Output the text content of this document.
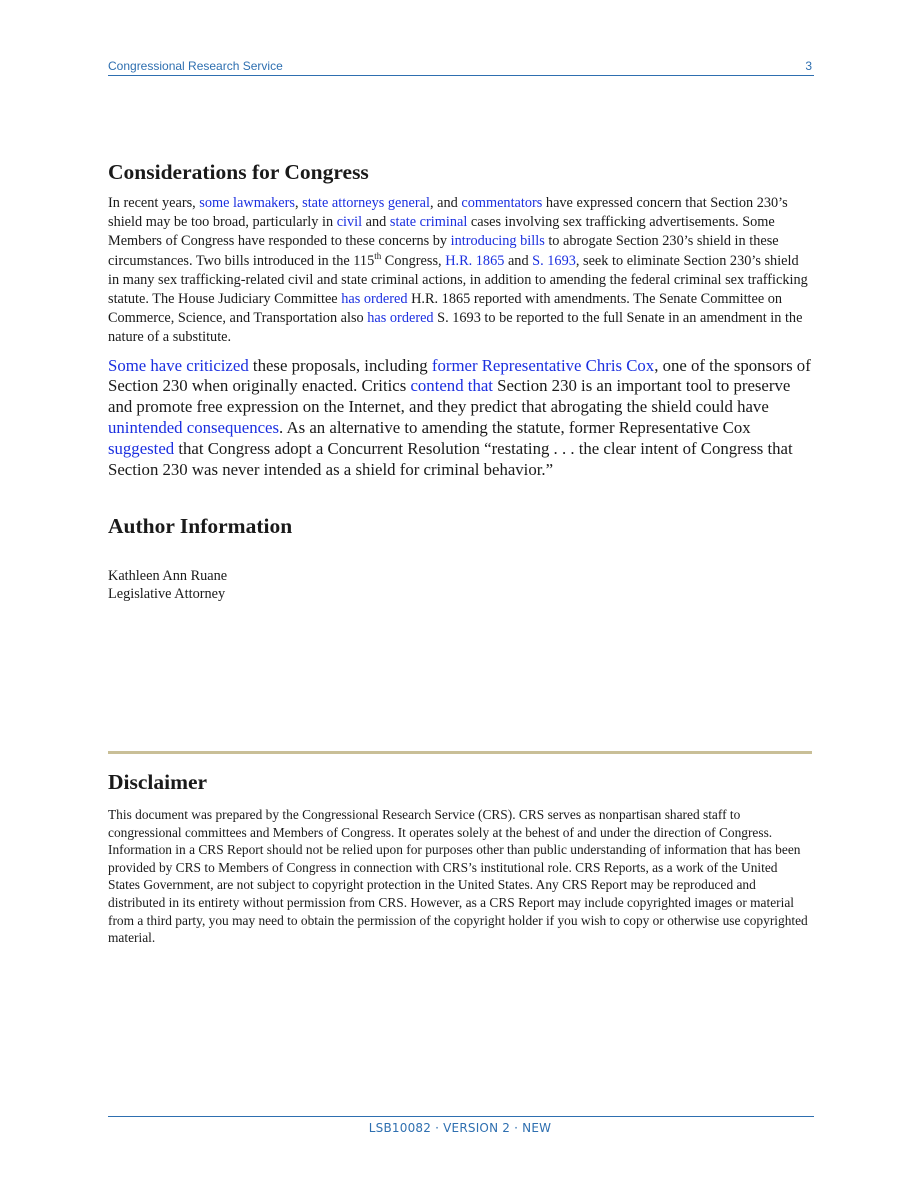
Congressional Research Service	3
Considerations for Congress

In recent years, some lawmakers, state attorneys general, and commentators have expressed concern that Section 230’s shield may be too broad, particularly in civil and state criminal cases involving sex trafficking advertisements. Some Members of Congress have responded to these concerns by introducing bills to abrogate Section 230’s shield in these circumstances. Two bills introduced in the 115th Congress, H.R. 1865 and S. 1693, seek to eliminate Section 230’s shield in many sex trafficking-related civil and state criminal actions, in addition to amending the federal criminal sex trafficking statute. The House Judiciary Committee has ordered H.R. 1865 reported with amendments. The Senate Committee on Commerce, Science, and Transportation also has ordered S. 1693 to be reported to the full Senate in an amendment in the nature of a substitute.

Some have criticized these proposals, including former Representative Chris Cox, one of the sponsors of Section 230 when originally enacted. Critics contend that Section 230 is an important tool to preserve and promote free expression on the Internet, and they predict that abrogating the shield could have unintended consequences. As an alternative to amending the statute, former Representative Cox suggested that Congress adopt a Concurrent Resolution “restating . . . the clear intent of Congress that Section 230 was never intended as a shield for criminal behavior.”

Author Information
Kathleen Ann Ruane
Legislative Attorney
Disclaimer

This document was prepared by the Congressional Research Service (CRS). CRS serves as nonpartisan shared staff to congressional committees and Members of Congress. It operates solely at the behest of and under the direction of Congress. Information in a CRS Report should not be relied upon for purposes other than public understanding of information that has been provided by CRS to Members of Congress in connection with CRS’s institutional role. CRS Reports, as a work of the United States Government, are not subject to copyright protection in the United States. Any CRS Report may be reproduced and distributed in its entirety without permission from CRS. However, as a CRS Report may include copyrighted images or material from a third party, you may need to obtain the permission of the copyright holder if you wish to copy or otherwise use copyrighted material.

LSB10082 · VERSION 2 · NEW
